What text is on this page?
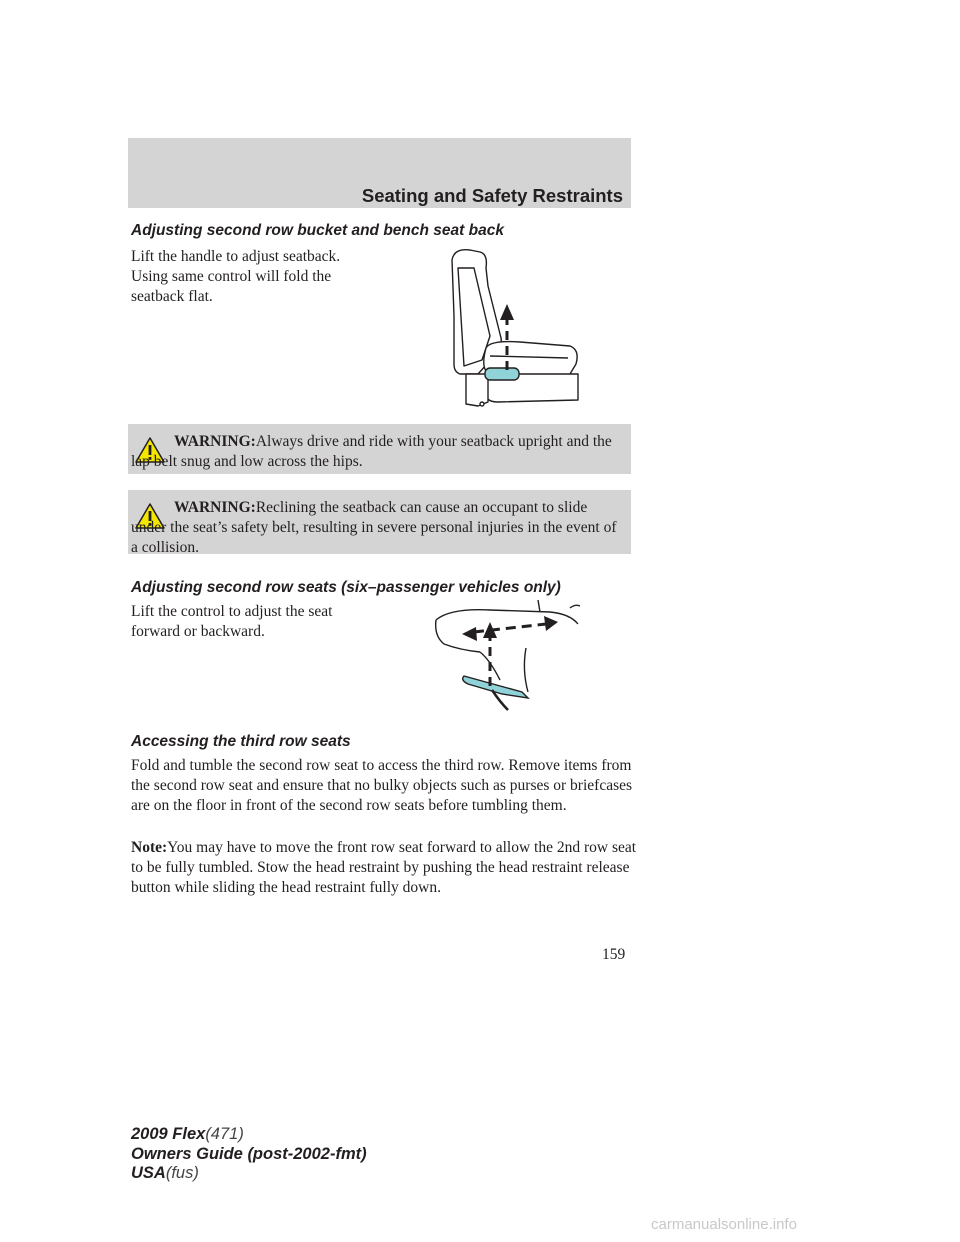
Seating and Safety Restraints
Adjusting second row bucket and bench seat back
Lift the handle to adjust seatback. Using same control will fold the seatback flat.
WARNING:Always drive and ride with your seatback upright and the lap belt snug and low across the hips.
WARNING:Reclining the seatback can cause an occupant to slide under the seat’s safety belt, resulting in severe personal injuries in the event of a collision.
Adjusting second row seats (six–passenger vehicles only)
Lift the control to adjust the seat forward or backward.
Accessing the third row seats
Fold and tumble the second row seat to access the third row. Remove items from the second row seat and ensure that no bulky objects such as purses or briefcases are on the floor in front of the second row seats before tumbling them.
Note:You may have to move the front row seat forward to allow the 2nd row seat to be fully tumbled. Stow the head restraint by pushing the head restraint release button while sliding the head restraint fully down.
159
2009 Flex(471)
Owners Guide (post-2002-fmt)
USA(fus)
carmanualsonline.info
